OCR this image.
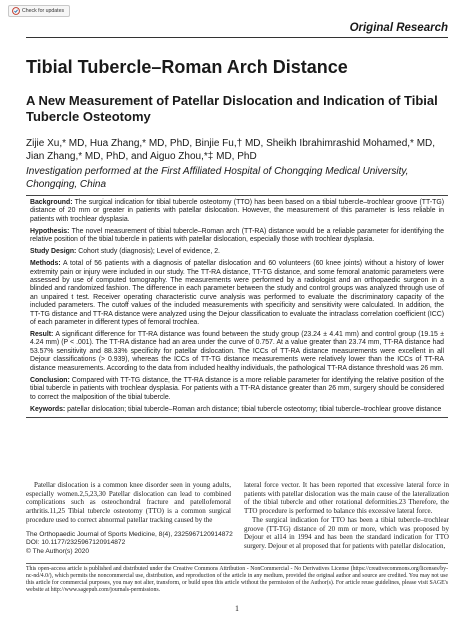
Check for updates
Original Research
Tibial Tubercle–Roman Arch Distance
A New Measurement of Patellar Dislocation and Indication of Tibial Tubercle Osteotomy
Zijie Xu,* MD, Hua Zhang,* MD, PhD, Binjie Fu,† MD, Sheikh Ibrahimrashid Mohamed,* MD, Jian Zhang,* MD, PhD, and Aiguo Zhou,*‡ MD, PhD
Investigation performed at the First Affiliated Hospital of Chongqing Medical University, Chongqing, China

Background: The surgical indication for tibial tubercle osteotomy (TTO) has been based on a tibial tubercle–trochlear groove (TT-TG) distance of 20 mm or greater in patients with patellar dislocation. However, the measurement of this parameter is less reliable in patients with trochlear dysplasia.

Hypothesis: The novel measurement of tibial tubercle–Roman arch (TT-RA) distance would be a reliable parameter for identifying the relative position of the tibial tubercle in patients with patellar dislocation, especially those with trochlear dysplasia.

Study Design: Cohort study (diagnosis); Level of evidence, 2.

Methods: A total of 56 patients with a diagnosis of patellar dislocation and 60 volunteers (60 knee joints) without a history of lower extremity pain or injury were included in our study. The TT-RA distance, TT-TG distance, and some femoral anatomic parameters were assessed by use of computed tomography. The measurements were performed by a radiologist and an orthopaedic surgeon in a blinded and randomized fashion. The difference in each parameter between the study and control groups was analyzed through use of an unpaired t test. Receiver operating characteristic curve analysis was performed to evaluate the discriminatory capacity of the included parameters. The cutoff values of the included measurements with specificity and sensitivity were calculated. In addition, the TT-TG distance and TT-RA distance were analyzed using the Dejour classification to evaluate the intraclass correlation coefficient (ICC) of each parameter in different types of femoral trochlea.

Result: A significant difference for TT-RA distance was found between the study group (23.24 ± 4.41 mm) and control group (19.15 ± 4.24 mm) (P < .001). The TT-RA distance had an area under the curve of 0.757. At a value greater than 23.74 mm, TT-RA distance had 53.57% sensitivity and 88.33% specificity for patellar dislocation. The ICCs of TT-RA distance measurements were excellent in all Dejour classifications (> 0.939), whereas the ICCs of TT-TG distance measurements were relatively lower than the ICCs of TT-RA distance measurements. According to the data from included healthy individuals, the pathological TT-RA distance threshold was 26 mm.

Conclusion: Compared with TT-TG distance, the TT-RA distance is a more reliable parameter for identifying the relative position of the tibial tubercle in patients with trochlear dysplasia. For patients with a TT-RA distance greater than 26 mm, surgery should be considered to correct the malposition of the tibial tubercle.

Keywords: patellar dislocation; tibial tubercle–Roman arch distance; tibial tubercle osteotomy; tibial tubercle–trochlear groove distance

Patellar dislocation is a common knee disorder seen in young adults, especially women.2,5,23,30 Patellar dislocation can lead to combined complications such as osteochondral fracture and patellofemoral arthritis.11,25 Tibial tubercle osteotomy (TTO) is a common surgical procedure used to correct abnormal patellar tracking caused by the

lateral force vector. It has been reported that excessive lateral force in patients with patellar dislocation was the main cause of the lateralization of the tibial tubercle and other rotational deformities.23 Therefore, the TTO procedure is performed to balance this excessive lateral force.

The surgical indication for TTO has been a tibial tubercle–trochlear groove (TT-TG) distance of 20 mm or more, which was proposed by Dejour et al14 in 1994 and has been the standard indication for TTO surgery. Dejour et al proposed that for patients with patellar dislocation,

The Orthopaedic Journal of Sports Medicine, 8(4), 2325967120914872
DOI: 10.1177/2325967120914872
© The Author(s) 2020
This open-access article is published and distributed under the Creative Commons Attribution - NonCommercial - No Derivatives License (https://creativecommons.org/licenses/by-nc-nd/4.0/), which permits the noncommercial use, distribution, and reproduction of the article in any medium, provided the original author and source are credited. You may not use this article for commercial purposes, you may not alter, transform, or build upon this article without the permission of the Author(s). For article reuse guidelines, please visit SAGE's website at http://www.sagepub.com/journals-permissions.
1
